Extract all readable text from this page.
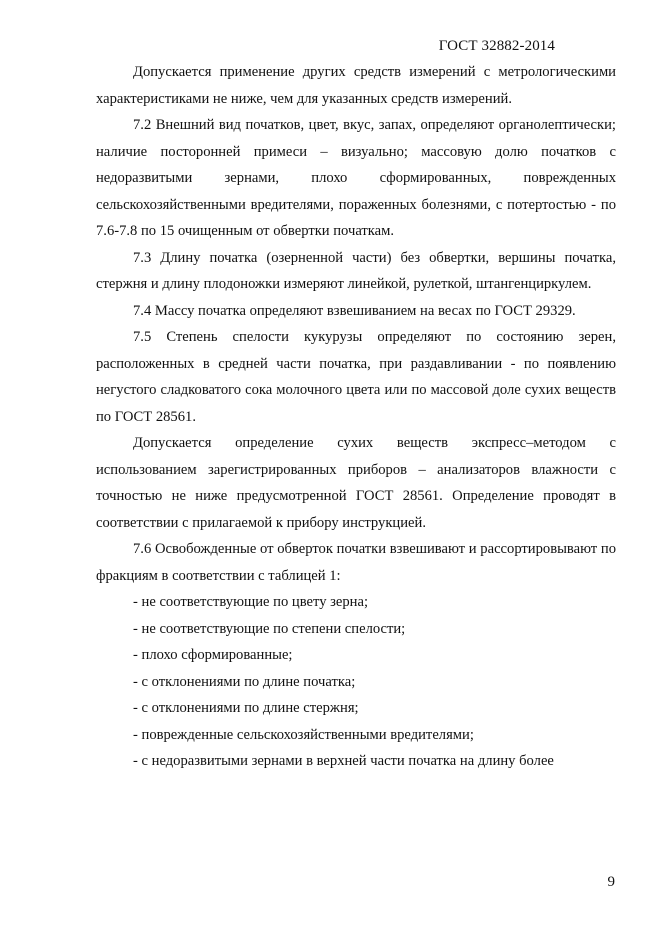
ГОСТ 32882-2014

Допускается применение других средств измерений с метрологическими характеристиками не ниже, чем для указанных средств измерений.

7.2 Внешний вид початков, цвет, вкус, запах, определяют органолептически; наличие посторонней примеси – визуально; массовую долю початков с недоразвитыми зернами, плохо сформированных, поврежденных сельскохозяйственными вредителями, пораженных болезнями, с потертостью - по 7.6-7.8 по 15 очищенным от обвертки початкам.

7.3 Длину початка (озерненной части) без обвертки, вершины початка, стержня и длину плодоножки измеряют линейкой, рулеткой, штангенциркулем.

7.4 Массу початка определяют взвешиванием на весах по ГОСТ 29329.

7.5 Степень спелости кукурузы определяют по состоянию зерен, расположенных в средней части початка, при раздавливании - по появлению негустого сладковатого сока молочного цвета или по массовой доле сухих веществ по ГОСТ 28561.

Допускается определение сухих веществ экспресс–методом с использованием зарегистрированных приборов – анализаторов влажности с точностью не ниже предусмотренной ГОСТ 28561. Определение проводят в соответствии с прилагаемой к прибору инструкцией.

7.6 Освобожденные от обверток початки взвешивают и рассортировывают по фракциям в соответствии с таблицей 1:

- не соответствующие по цвету зерна;
- не соответствующие по степени спелости;
- плохо сформированные;
- с отклонениями по длине початка;
- с отклонениями по длине стержня;
- поврежденные сельскохозяйственными вредителями;
- с недоразвитыми зернами в верхней части початка на длину более
9
